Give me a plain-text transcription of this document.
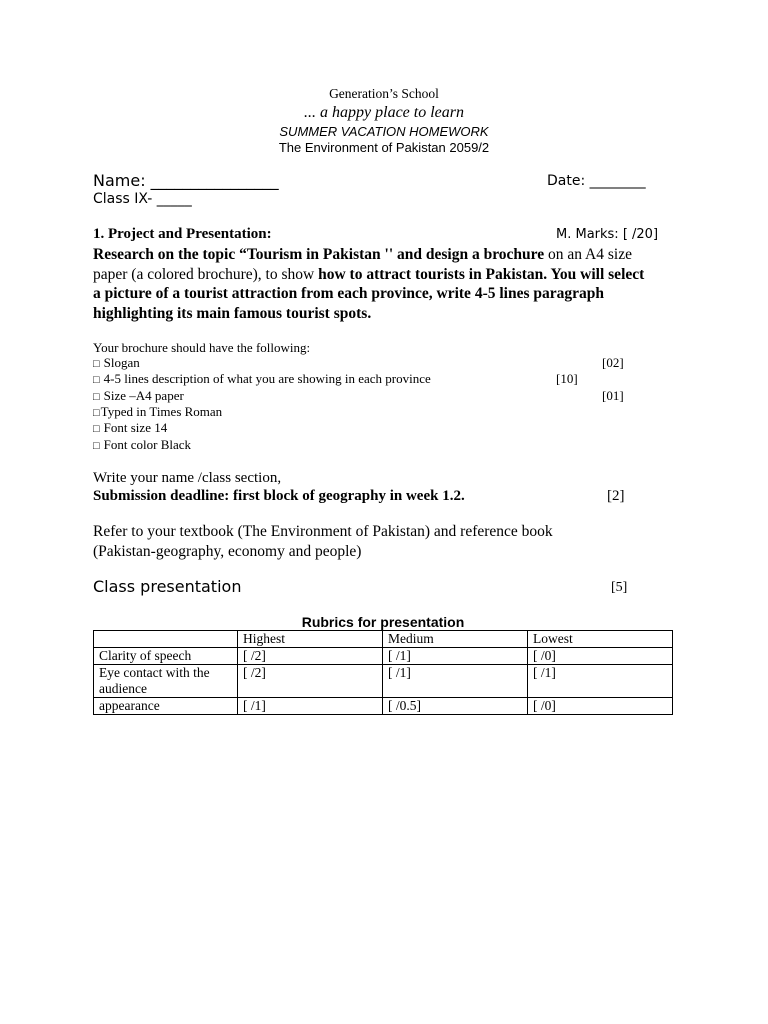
Generation’s School
... a happy place to learn
SUMMER VACATION HOMEWORK
The Environment of Pakistan 2059/2
Name: ________________	Date: ________
Class IX- _____
1. Project and Presentation:	M. Marks: [ /20]
Research on the topic “Tourism in Pakistan '' and design a brochure on an A4 size paper (a colored brochure), to show how to attract tourists in Pakistan. You will select a picture of a tourist attraction from each province, write 4-5 lines paragraph highlighting its main famous tourist spots.
Your brochure should have the following:
□ Slogan	[02]
□ 4-5 lines description of what you are showing in each province	[10]
□ Size –A4 paper	[01]
□Typed in Times Roman
□ Font size 14
□ Font color Black
Write your name /class section,
Submission deadline: first block of geography in week 1.2.	[2]
Refer to your textbook (The Environment of Pakistan) and reference book
(Pakistan-geography, economy and people)
Class presentation	[5]
Rubrics for presentation
	Highest	Medium	Lowest
Clarity of speech	[ /2]	[ /1]	[ /0]
Eye contact with the audience	[ /2]	[ /1]	[ /1]
appearance	[ /1]	[ /0.5]	[ /0]
